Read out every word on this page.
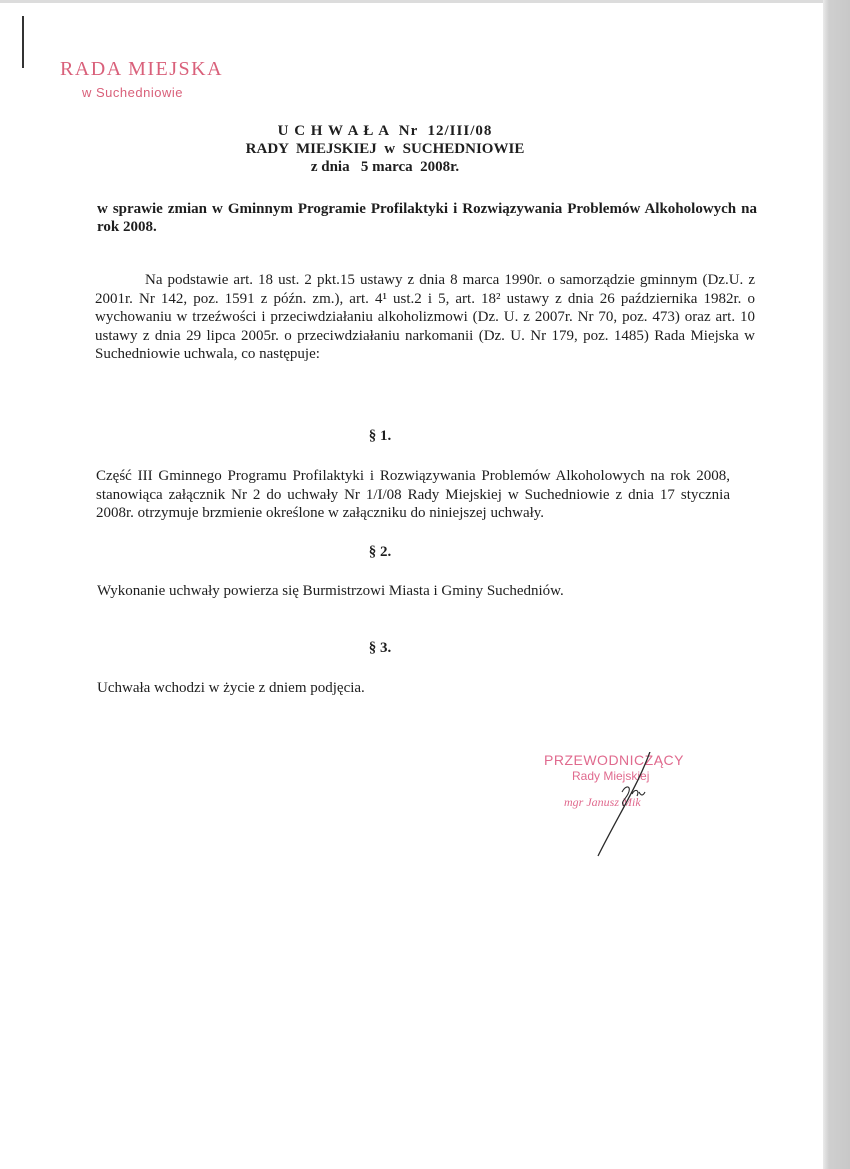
RADA MIEJSKA
w Suchedniowie
U C H W A Ł A  Nr  12/III/08
RADY  MIEJSKIEJ  w  SUCHEDNIOWIE
z dnia   5 marca  2008r.
w sprawie zmian w Gminnym Programie Profilaktyki i Rozwiązywania Problemów Alkoholowych na rok 2008.
Na podstawie art. 18 ust. 2 pkt.15 ustawy z dnia 8 marca 1990r. o samorządzie gminnym (Dz.U. z 2001r. Nr 142, poz. 1591 z późn. zm.), art. 4¹ ust.2 i 5, art. 18² ustawy z dnia 26 października 1982r. o wychowaniu w trzeźwości i przeciwdziałaniu alkoholizmowi (Dz. U. z 2007r. Nr 70, poz. 473) oraz art. 10 ustawy z dnia 29 lipca 2005r. o przeciwdziałaniu narkomanii (Dz. U. Nr 179, poz. 1485) Rada Miejska w Suchedniowie uchwala, co następuje:
§ 1.
Część III Gminnego Programu Profilaktyki i Rozwiązywania Problemów Alkoholowych na rok 2008, stanowiąca załącznik Nr 2 do uchwały Nr 1/I/08 Rady Miejskiej w Suchedniowie z dnia 17 stycznia 2008r. otrzymuje brzmienie określone w załączniku do niniejszej uchwały.
§ 2.
Wykonanie uchwały powierza się Burmistrzowi Miasta i Gminy Suchedniów.
§ 3.
Uchwała wchodzi w życie z dniem podjęcia.
PRZEWODNICZĄCY
Rady Miejskiej
mgr Janusz Mik
